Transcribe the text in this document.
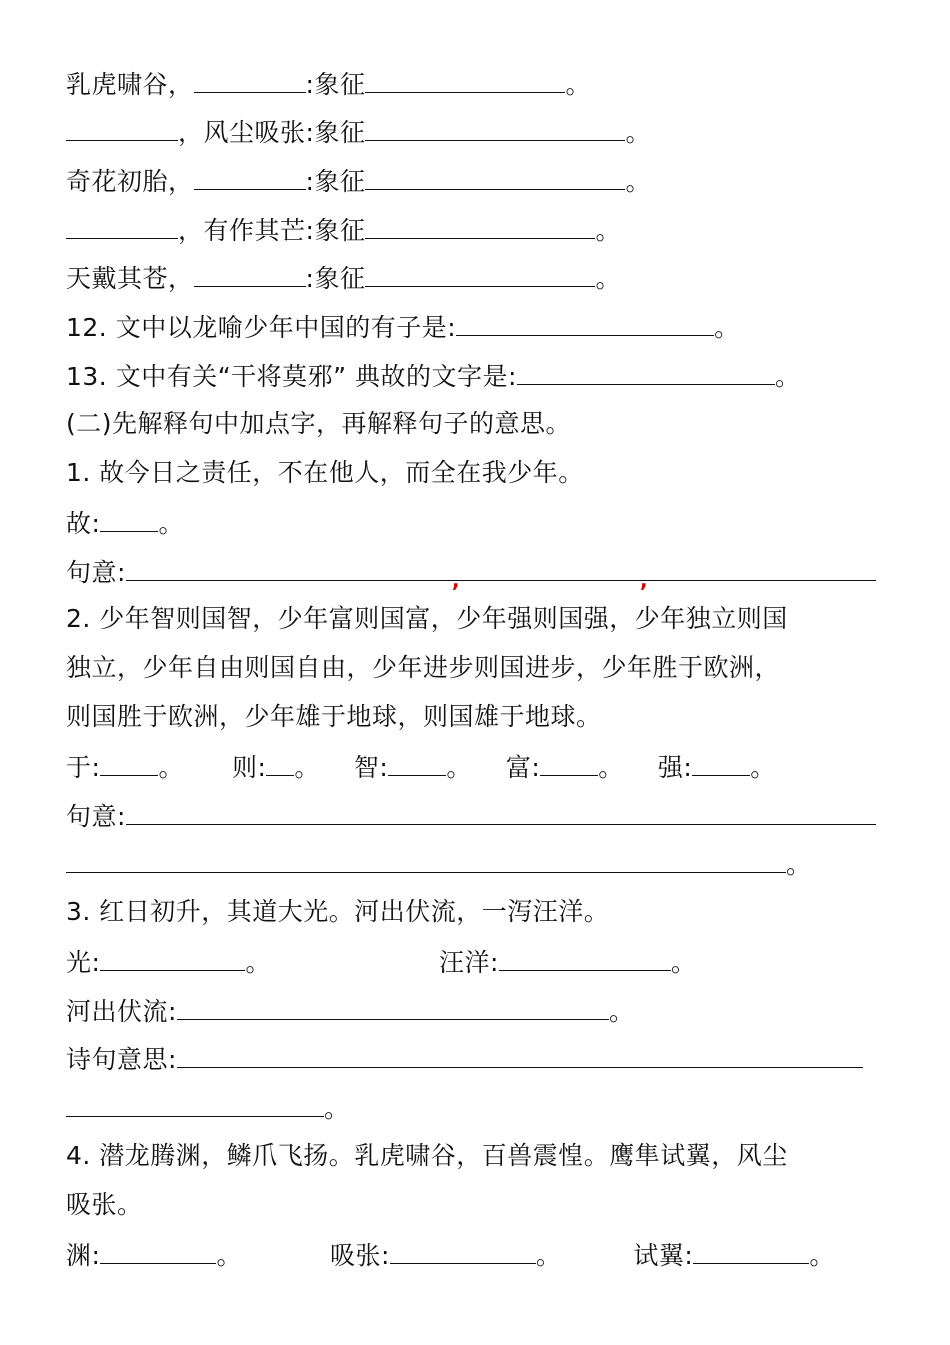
乳虎啸谷，	:象征	。
，风尘吸张:象征	。
奇花初胎，	:象征	。
，有作其芒:象征	。
天戴其苍，	:象征	。
12. 文中以龙喻少年中国的有子是:	。
13. 文中有关“干将莫邪” 典故的文字是:	。
(二)先解释句中加点字，再解释句子的意思。
1. 故今日之责任，不在他人，而全在我少年。
故: 。
句意:	,	,
2. 少年智则国智，少年富则国富，少年强则国强，少年独立则国
独立，少年自由则国自由，少年进步则国进步，少年胜于欧洲，
则国胜于欧洲，少年雄于地球，则国雄于地球。
于: 。 则: 。 智: 。 富: 。 强: 。
句意:
。
3. 红日初升，其道大光。河出伏流，一泻汪洋。
光:	。	汪洋:	。
河出伏流:	。
诗句意思:
。
4. 潜龙腾渊，鳞爪飞扬。乳虎啸谷，百兽震惶。鹰隼试翼，风尘
吸张。
渊:	。	吸张:	。	试翼:	。
